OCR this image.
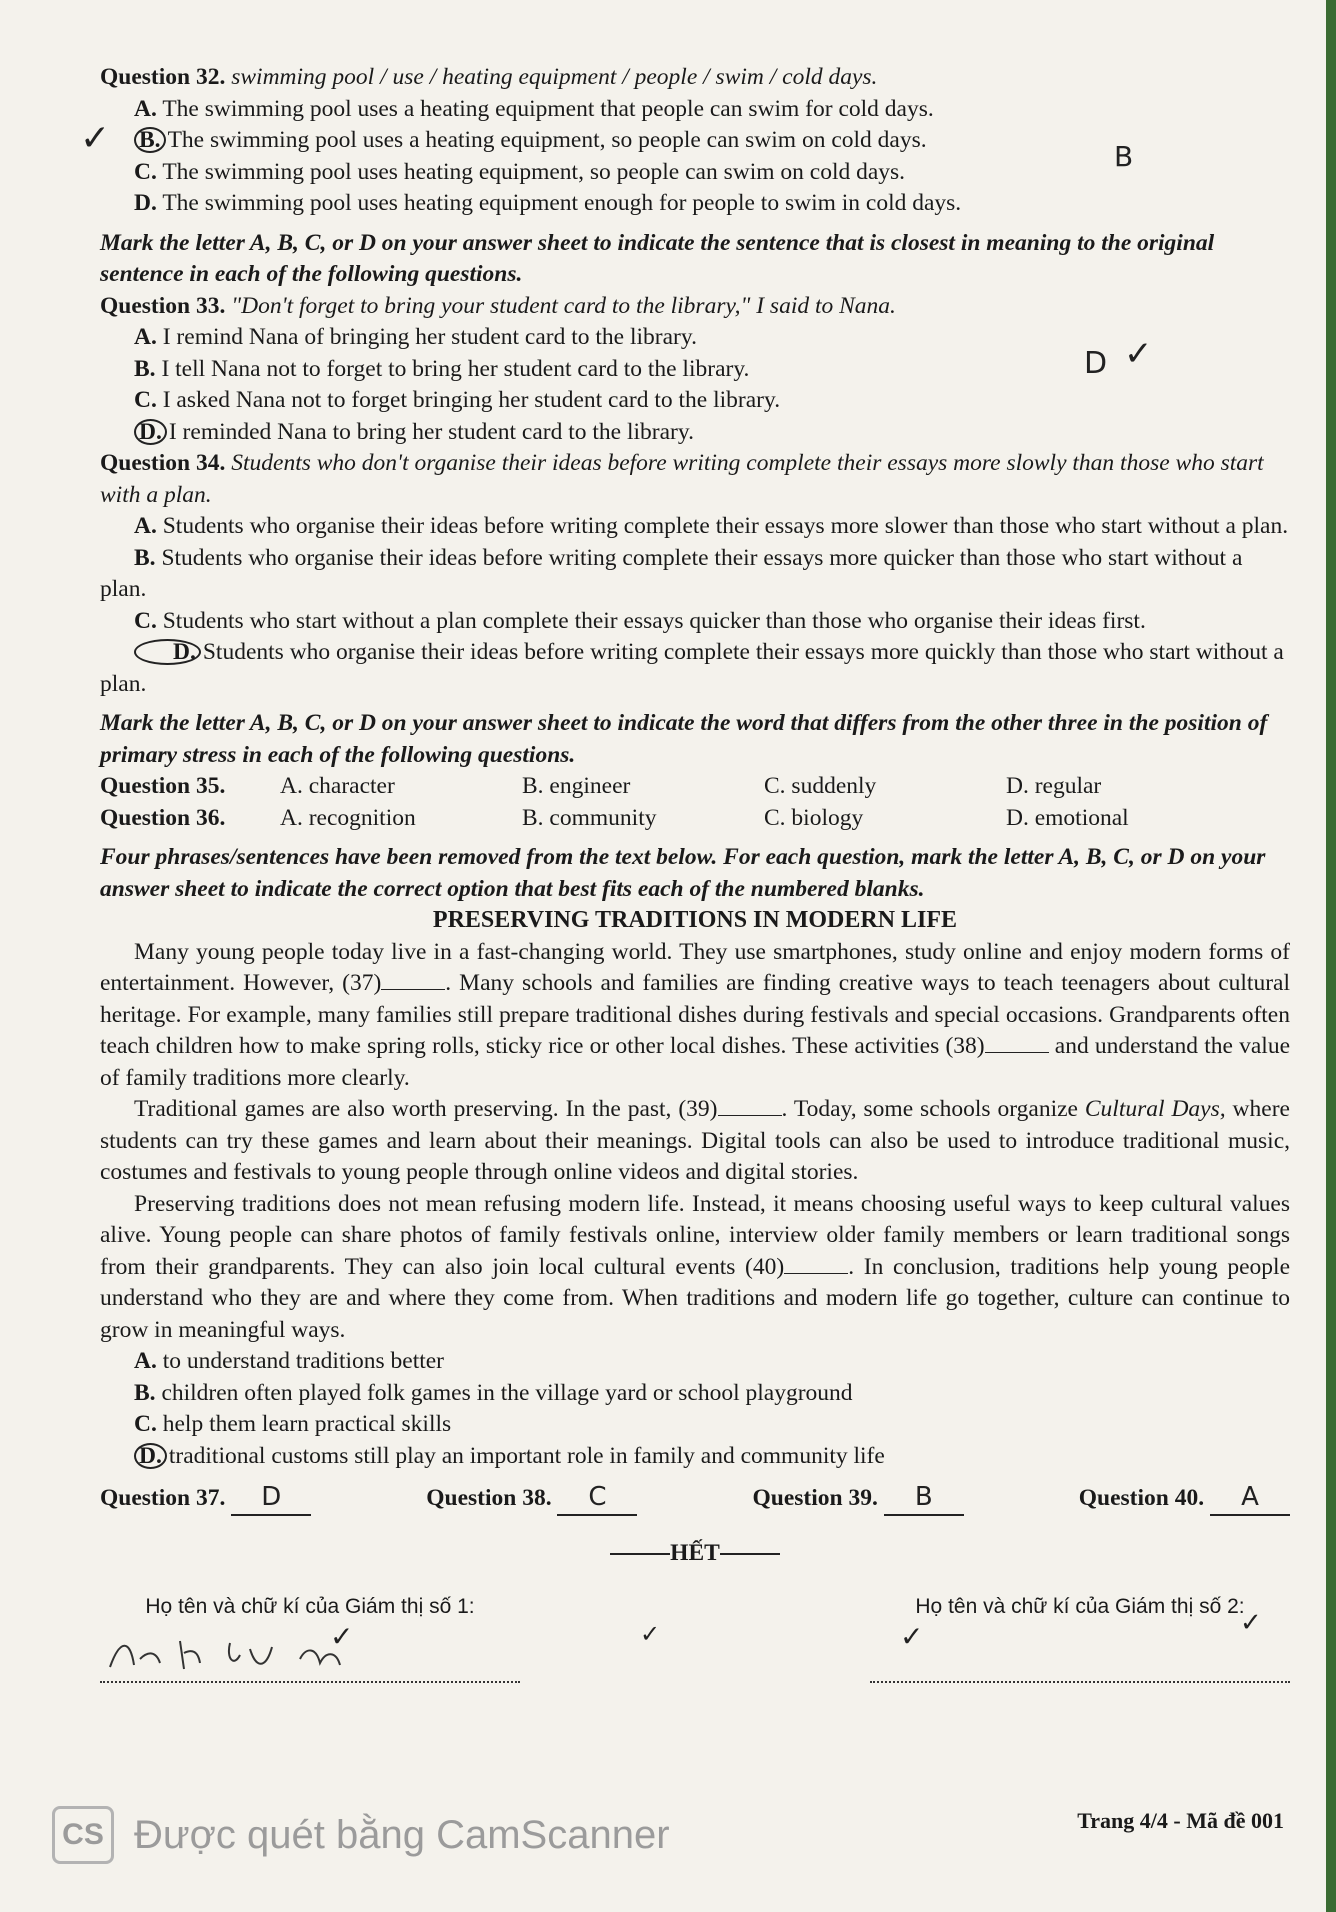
Question 32. swimming pool / use / heating equipment / people / swim / cold days.
A. The swimming pool uses a heating equipment that people can swim for cold days.
B. The swimming pool uses a heating equipment, so people can swim on cold days.
C. The swimming pool uses heating equipment, so people can swim on cold days.
D. The swimming pool uses heating equipment enough for people to swim in cold days.
Mark the letter A, B, C, or D on your answer sheet to indicate the sentence that is closest in meaning to the original sentence in each of the following questions.
Question 33. "Don't forget to bring your student card to the library," I said to Nana.
A. I remind Nana of bringing her student card to the library.
B. I tell Nana not to forget to bring her student card to the library.
C. I asked Nana not to forget bringing her student card to the library.
D. I reminded Nana to bring her student card to the library.
Question 34. Students who don't organise their ideas before writing complete their essays more slowly than those who start with a plan.
A. Students who organise their ideas before writing complete their essays more slower than those who start without a plan.
B. Students who organise their ideas before writing complete their essays more quicker than those who start without a plan.
C. Students who start without a plan complete their essays quicker than those who organise their ideas first.
D. Students who organise their ideas before writing complete their essays more quickly than those who start without a plan.
Mark the letter A, B, C, or D on your answer sheet to indicate the word that differs from the other three in the position of primary stress in each of the following questions.
Question 35.	A. character	B. engineer	C. suddenly	D. regular
Question 36.	A. recognition	B. community	C. biology	D. emotional
Four phrases/sentences have been removed from the text below. For each question, mark the letter A, B, C, or D on your answer sheet to indicate the correct option that best fits each of the numbered blanks.
PRESERVING TRADITIONS IN MODERN LIFE
Many young people today live in a fast-changing world. They use smartphones, study online and enjoy modern forms of entertainment. However, (37)	. Many schools and families are finding creative ways to teach teenagers about cultural heritage. For example, many families still prepare traditional dishes during festivals and special occasions. Grandparents often teach children how to make spring rolls, sticky rice or other local dishes. These activities (38)	and understand the value of family traditions more clearly.
Traditional games are also worth preserving. In the past, (39)	. Today, some schools organize Cultural Days, where students can try these games and learn about their meanings. Digital tools can also be used to introduce traditional music, costumes and festivals to young people through online videos and digital stories.
Preserving traditions does not mean refusing modern life. Instead, it means choosing useful ways to keep cultural values alive. Young people can share photos of family festivals online, interview older family members or learn traditional songs from their grandparents. They can also join local cultural events (40)	. In conclusion, traditions help young people understand who they are and where they come from. When traditions and modern life go together, culture can continue to grow in meaningful ways.
A. to understand traditions better
B. children often played folk games in the village yard or school playground
C. help them learn practical skills
D. traditional customs still play an important role in family and community life
Question 37. D	Question 38. C	Question 39. B	Question 40. A
HẾT
Họ tên và chữ kí của Giám thị số 1:	Họ tên và chữ kí của Giám thị số 2:
✓	B
D ✓
✓	✓	✓	✓
CS Được quét bằng CamScanner	Trang 4/4 - Mã đề 001
